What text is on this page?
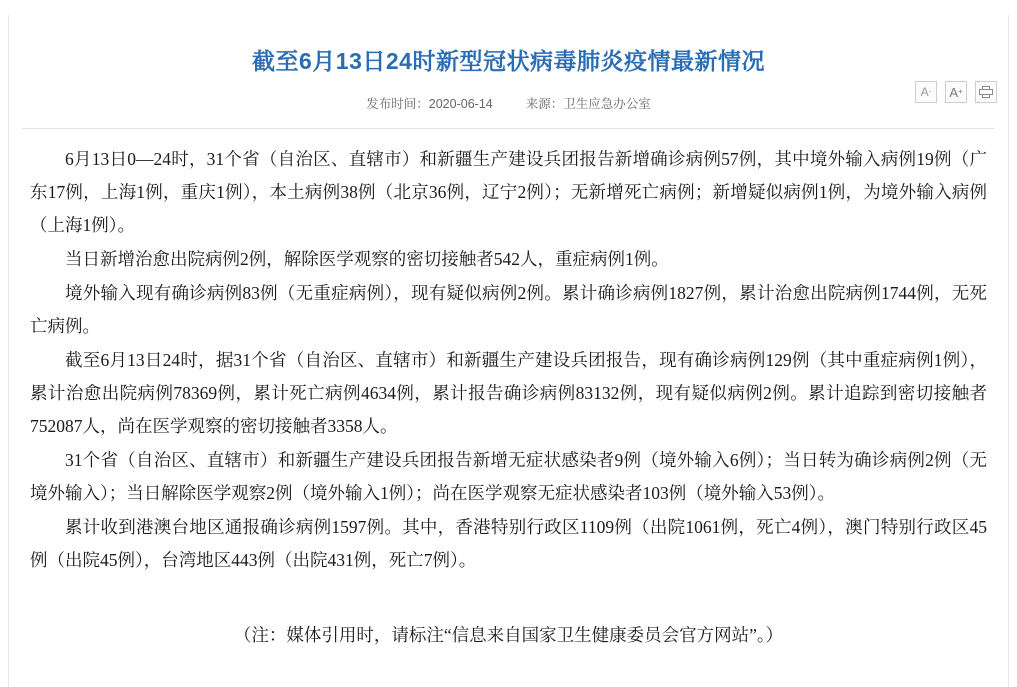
截至6月13日24时新型冠状病毒肺炎疫情最新情况
发布时间：2020-06-14	来源：卫生应急办公室
A - A +

6月13日0—24时，31个省（自治区、直辖市）和新疆生产建设兵团报告新增确诊病例57例，其中境外输入病例19例（广东17例，上海1例，重庆1例），本土病例38例（北京36例，辽宁2例）；无新增死亡病例；新增疑似病例1例，为境外输入病例（上海1例）。

当日新增治愈出院病例2例，解除医学观察的密切接触者542人，重症病例1例。

境外输入现有确诊病例83例（无重症病例），现有疑似病例2例。累计确诊病例1827例，累计治愈出院病例1744例，无死亡病例。

截至6月13日24时，据31个省（自治区、直辖市）和新疆生产建设兵团报告，现有确诊病例129例（其中重症病例1例），累计治愈出院病例78369例，累计死亡病例4634例，累计报告确诊病例83132例，现有疑似病例2例。累计追踪到密切接触者752087人，尚在医学观察的密切接触者3358人。

31个省（自治区、直辖市）和新疆生产建设兵团报告新增无症状感染者9例（境外输入6例）；当日转为确诊病例2例（无境外输入）；当日解除医学观察2例（境外输入1例）；尚在医学观察无症状感染者103例（境外输入53例）。

累计收到港澳台地区通报确诊病例1597例。其中，香港特别行政区1109例（出院1061例，死亡4例），澳门特别行政区45例（出院45例），台湾地区443例（出院431例，死亡7例）。

（注：媒体引用时，请标注“信息来自国家卫生健康委员会官方网站”。）
